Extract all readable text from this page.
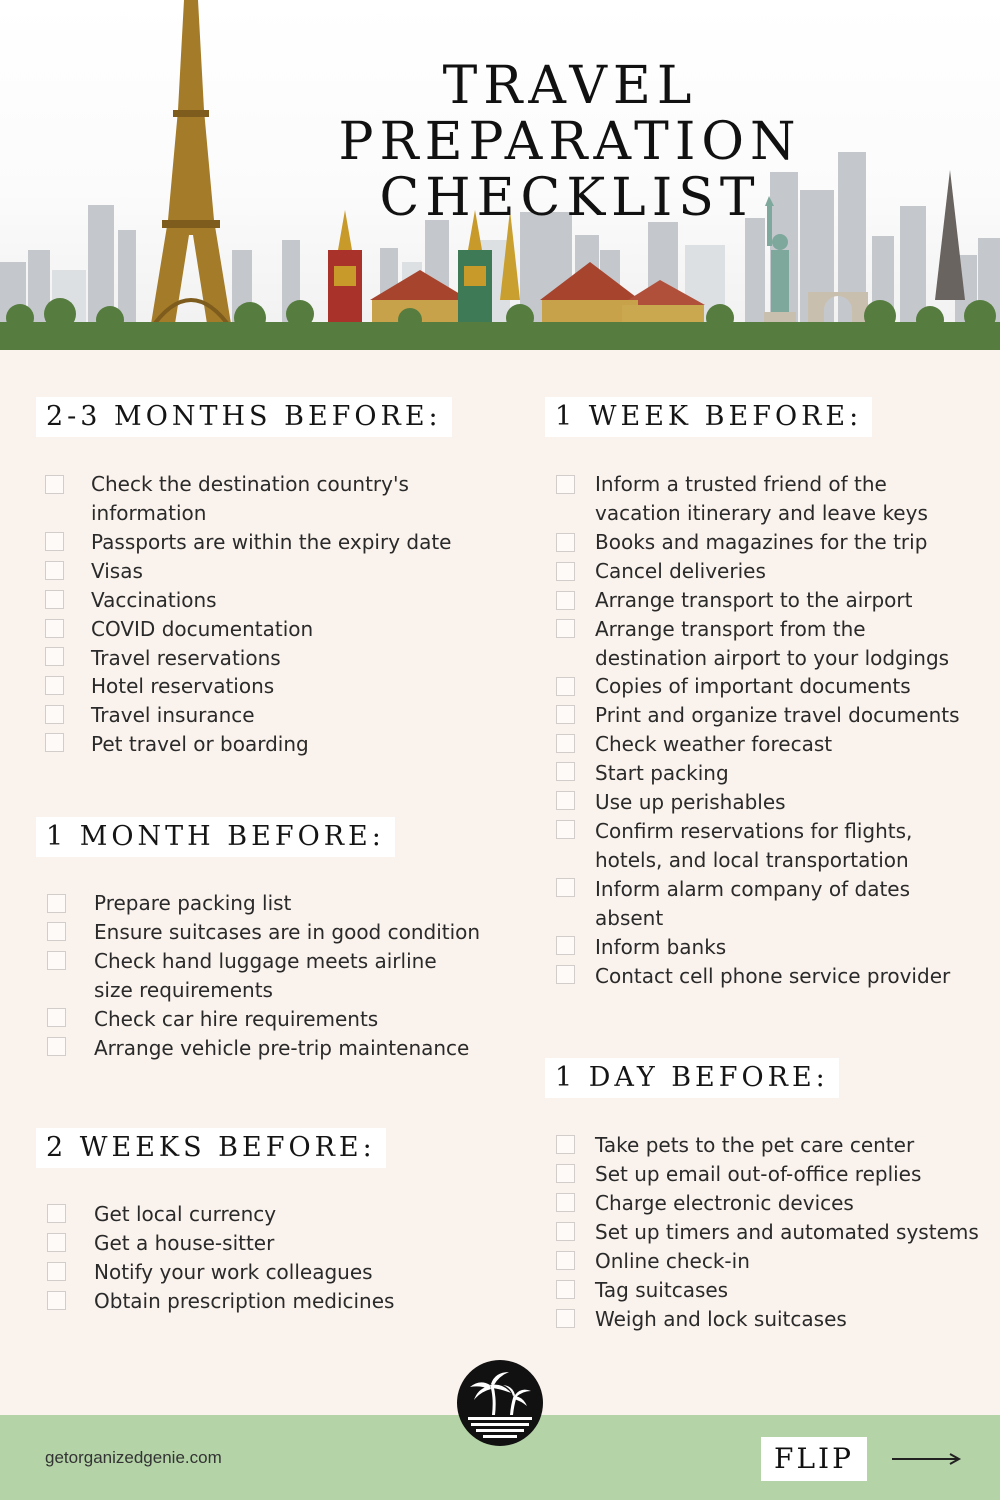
TRAVEL PREPARATION
CHECKLIST
2-3 MONTHS BEFORE:
1 MONTH BEFORE:
2 WEEKS BEFORE:
1 WEEK BEFORE:
1 DAY BEFORE:
Check the destination country's information
Passports are within the expiry date
Visas
Vaccinations
COVID documentation
Travel reservations
Hotel reservations
Travel insurance
Pet travel or boarding
Prepare packing list
Ensure suitcases are in good condition
Check hand luggage meets airline size requirements
Check car hire requirements
Arrange vehicle pre-trip maintenance
Get local currency
Get a house-sitter
Notify your work colleagues
Obtain prescription medicines
Inform a trusted friend of the vacation itinerary and leave keys
Books and magazines for the trip
Cancel deliveries
Arrange transport to the airport
Arrange transport from the destination airport to your lodgings
Copies of important documents
Print and organize travel documents
Check weather forecast
Start packing
Use up perishables
Confirm reservations for flights, hotels, and local transportation
Inform alarm company of dates absent
Inform banks
Contact cell phone service provider
Take pets to the pet care center
Set up email out-of-office replies
Charge electronic devices
Set up timers and automated systems
Online check-in
Tag suitcases
Weigh and lock suitcases
getorganizedgenie.com	FLIP
